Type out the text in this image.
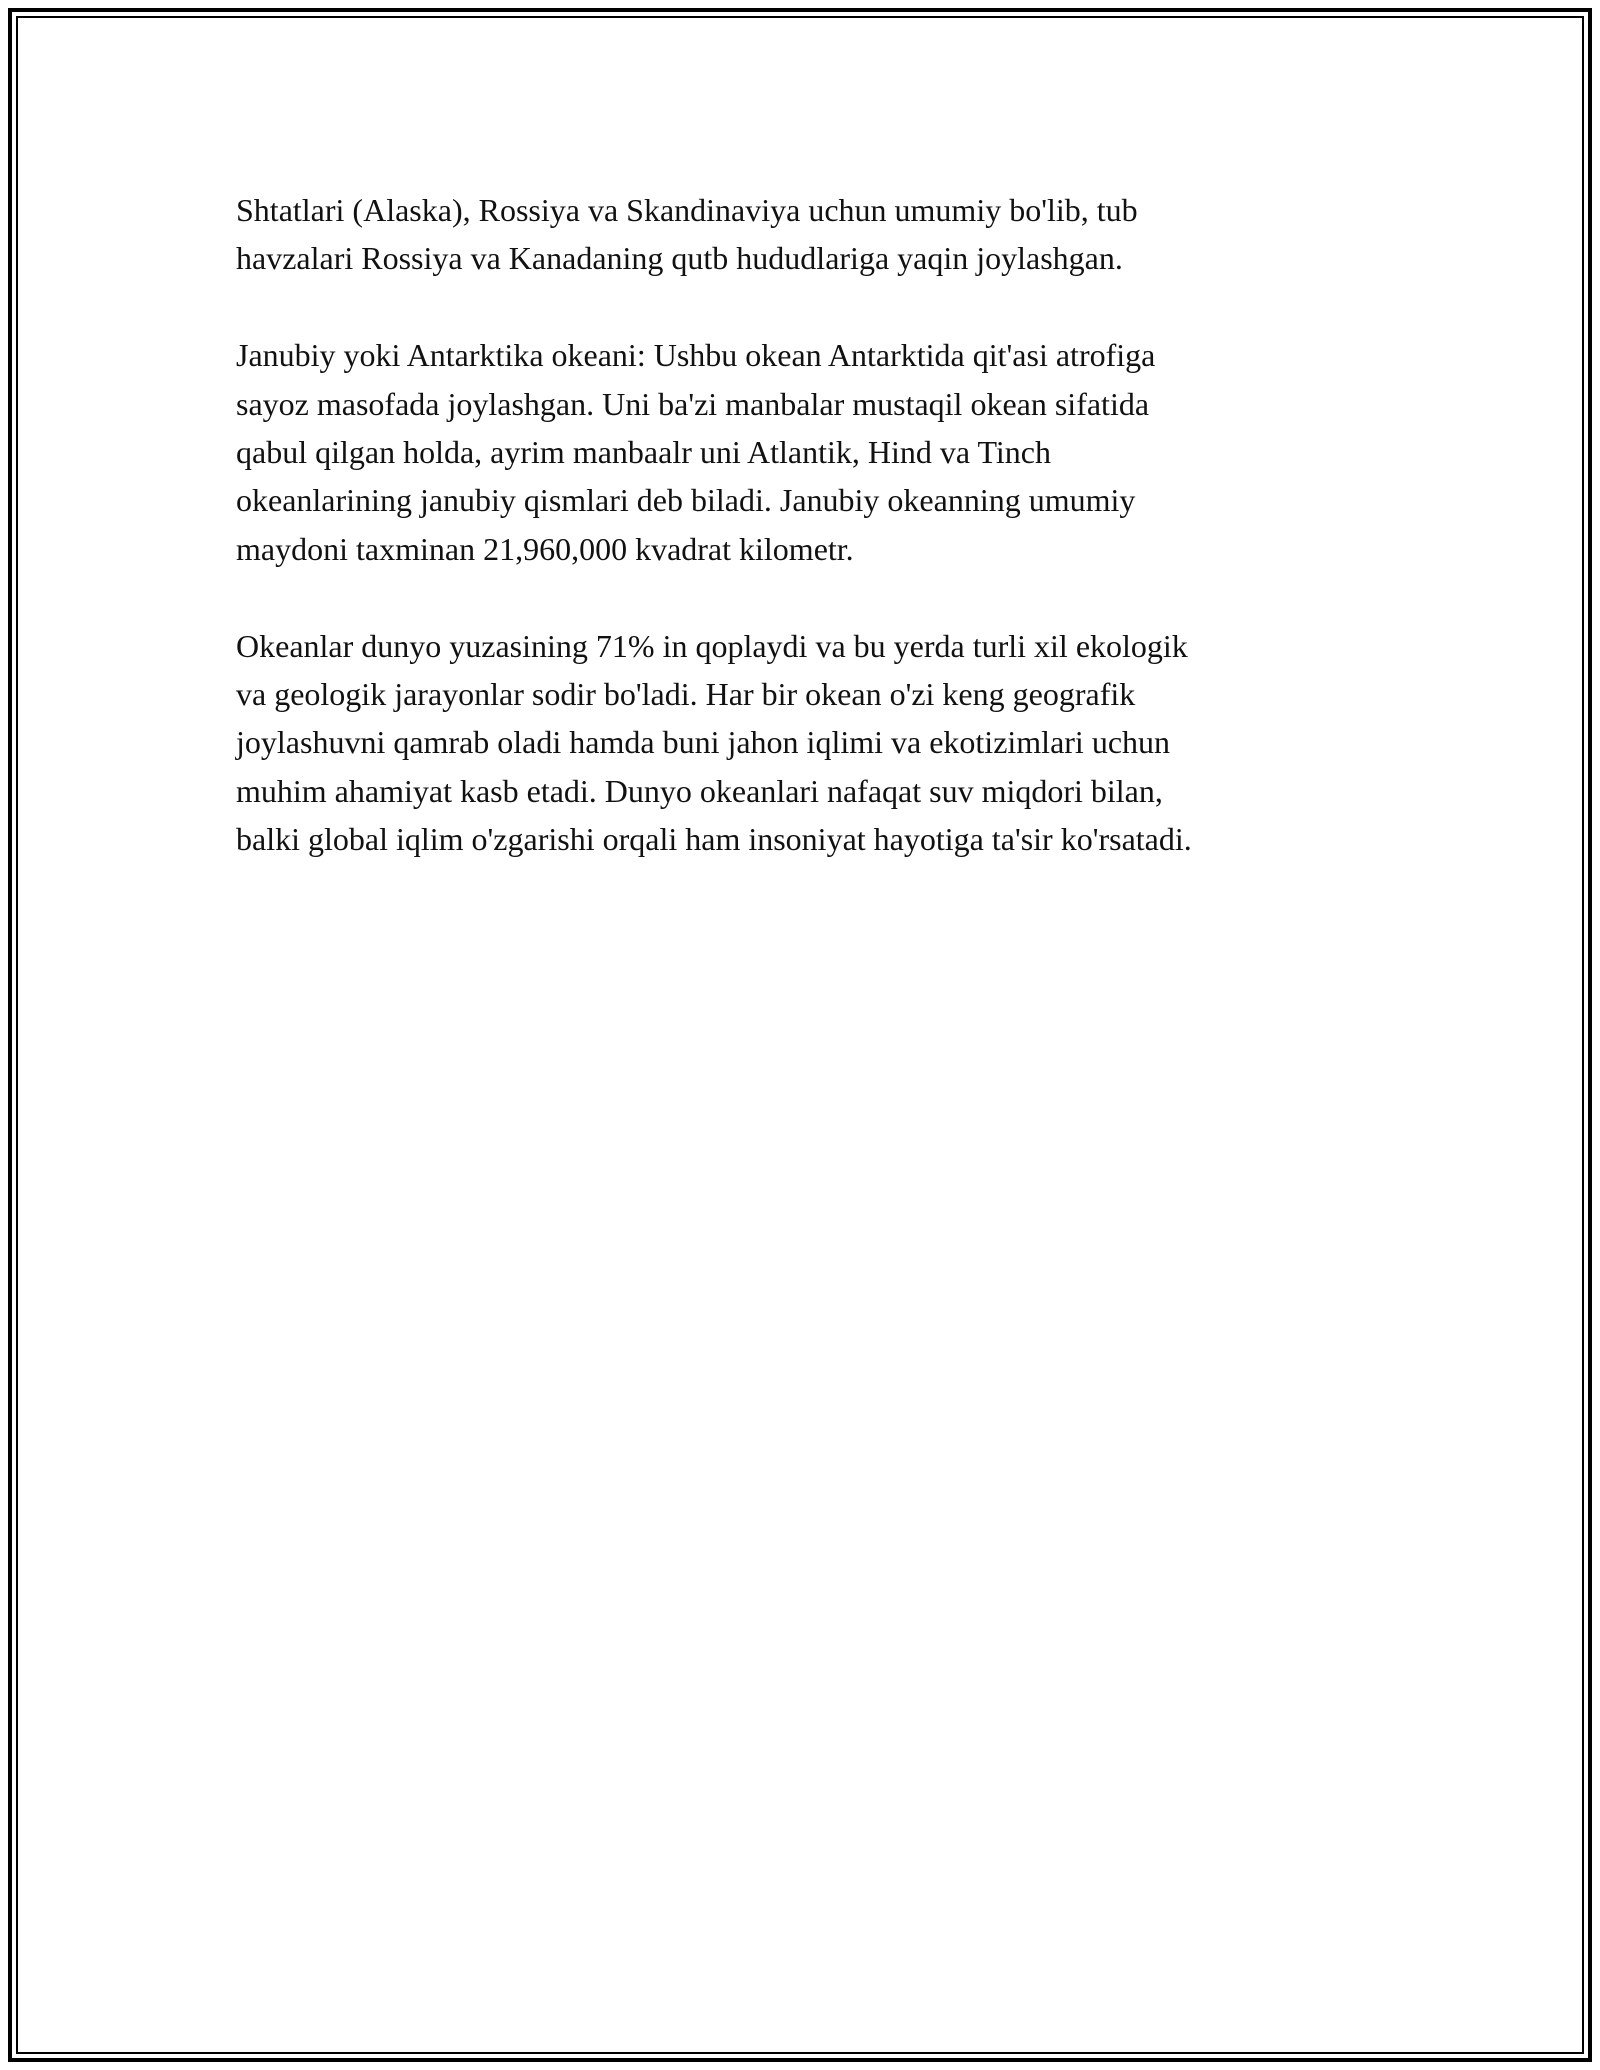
Shtatlari (Alaska), Rossiya va Skandinaviya uchun umumiy bo'lib, tub
havzalari Rossiya va Kanadaning qutb hududlariga yaqin joylashgan.

Janubiy yoki Antarktika okeani: Ushbu okean Antarktida qit'asi atrofiga
sayoz masofada joylashgan. Uni ba'zi manbalar mustaqil okean sifatida
qabul qilgan holda, ayrim manbaalr uni Atlantik, Hind va Tinch
okeanlarining janubiy qismlari deb biladi. Janubiy okeanning umumiy
maydoni taxminan 21,960,000 kvadrat kilometr.

Okeanlar dunyo yuzasining 71% in qoplaydi va bu yerda turli xil ekologik
va geologik jarayonlar sodir bo'ladi. Har bir okean o'zi keng geografik
joylashuvni qamrab oladi hamda buni jahon iqlimi va ekotizimlari uchun
muhim ahamiyat kasb etadi. Dunyo okeanlari nafaqat suv miqdori bilan,
balki global iqlim o'zgarishi orqali ham insoniyat hayotiga ta'sir ko'rsatadi.
